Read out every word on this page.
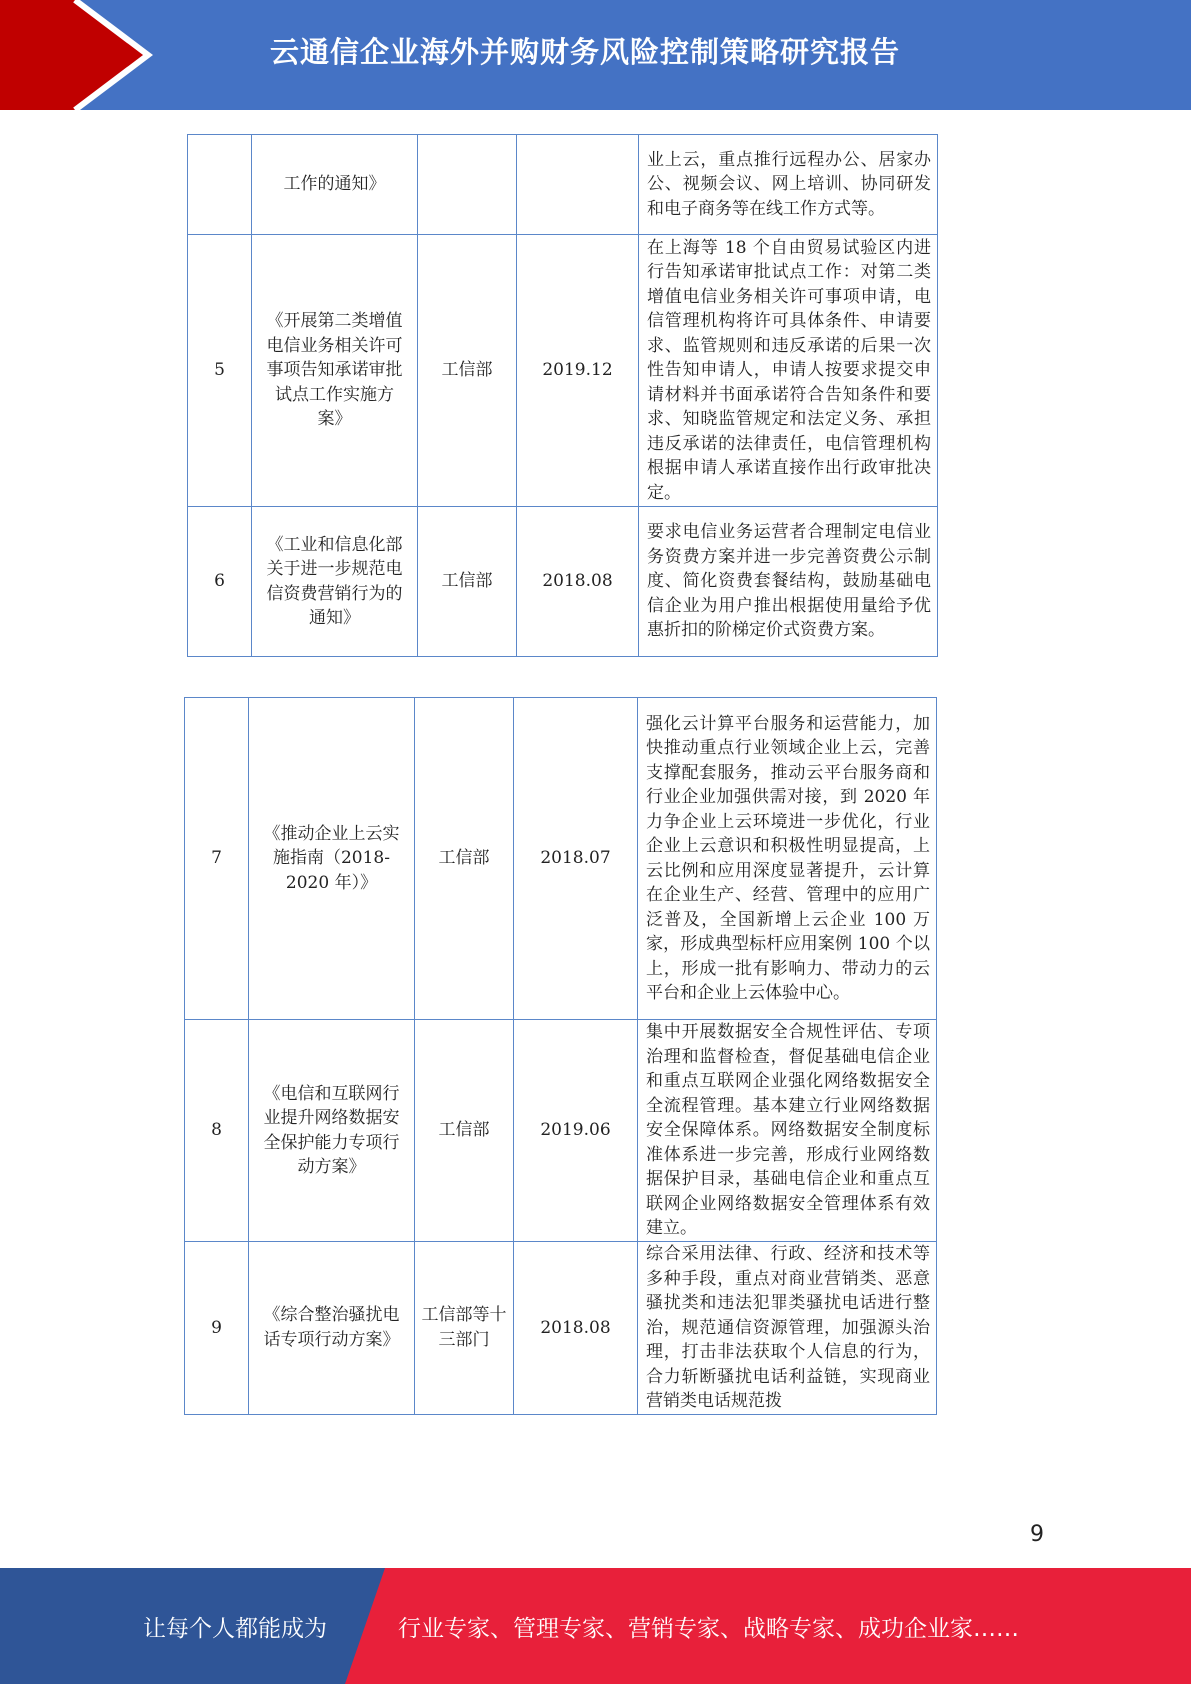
云通信企业海外并购财务风险控制策略研究报告
	工作的通知》			业上云，重点推行远程办公、居家办公、视频会议、网上培训、协同研发和电子商务等在线工作方式等。
5	《开展第二类增值电信业务相关许可事项告知承诺审批试点工作实施方案》	工信部	2019.12	在上海等 18 个自由贸易试验区内进行告知承诺审批试点工作：对第二类增值电信业务相关许可事项申请，电信管理机构将许可具体条件、申请要求、监管规则和违反承诺的后果一次性告知申请人，申请人按要求提交申请材料并书面承诺符合告知条件和要求、知晓监管规定和法定义务、承担违反承诺的法律责任，电信管理机构根据申请人承诺直接作出行政审批决定。
6	《工业和信息化部关于进一步规范电信资费营销行为的通知》	工信部	2018.08	要求电信业务运营者合理制定电信业务资费方案并进一步完善资费公示制度、简化资费套餐结构，鼓励基础电信企业为用户推出根据使用量给予优惠折扣的阶梯定价式资费方案。
7	《推动企业上云实施指南（2018-2020 年）》	工信部	2018.07	强化云计算平台服务和运营能力，加快推动重点行业领域企业上云，完善支撑配套服务，推动云平台服务商和行业企业加强供需对接，到 2020 年力争企业上云环境进一步优化，行业企业上云意识和积极性明显提高，上云比例和应用深度显著提升，云计算在企业生产、经营、管理中的应用广泛普及，全国新增上云企业 100 万家，形成典型标杆应用案例 100 个以上，形成一批有影响力、带动力的云平台和企业上云体验中心。
8	《电信和互联网行业提升网络数据安全保护能力专项行动方案》	工信部	2019.06	集中开展数据安全合规性评估、专项治理和监督检查，督促基础电信企业和重点互联网企业强化网络数据安全全流程管理。基本建立行业网络数据安全保障体系。网络数据安全制度标准体系进一步完善，形成行业网络数据保护目录，基础电信企业和重点互联网企业网络数据安全管理体系有效建立。
9	《综合整治骚扰电话专项行动方案》	工信部等十三部门	2018.08	综合采用法律、行政、经济和技术等多种手段，重点对商业营销类、恶意骚扰类和违法犯罪类骚扰电话进行整治，规范通信资源管理，加强源头治理，打击非法获取个人信息的行为，合力斩断骚扰电话利益链，实现商业营销类电话规范拨
9
让每个人都能成为	行业专家、管理专家、营销专家、战略专家、成功企业家……
